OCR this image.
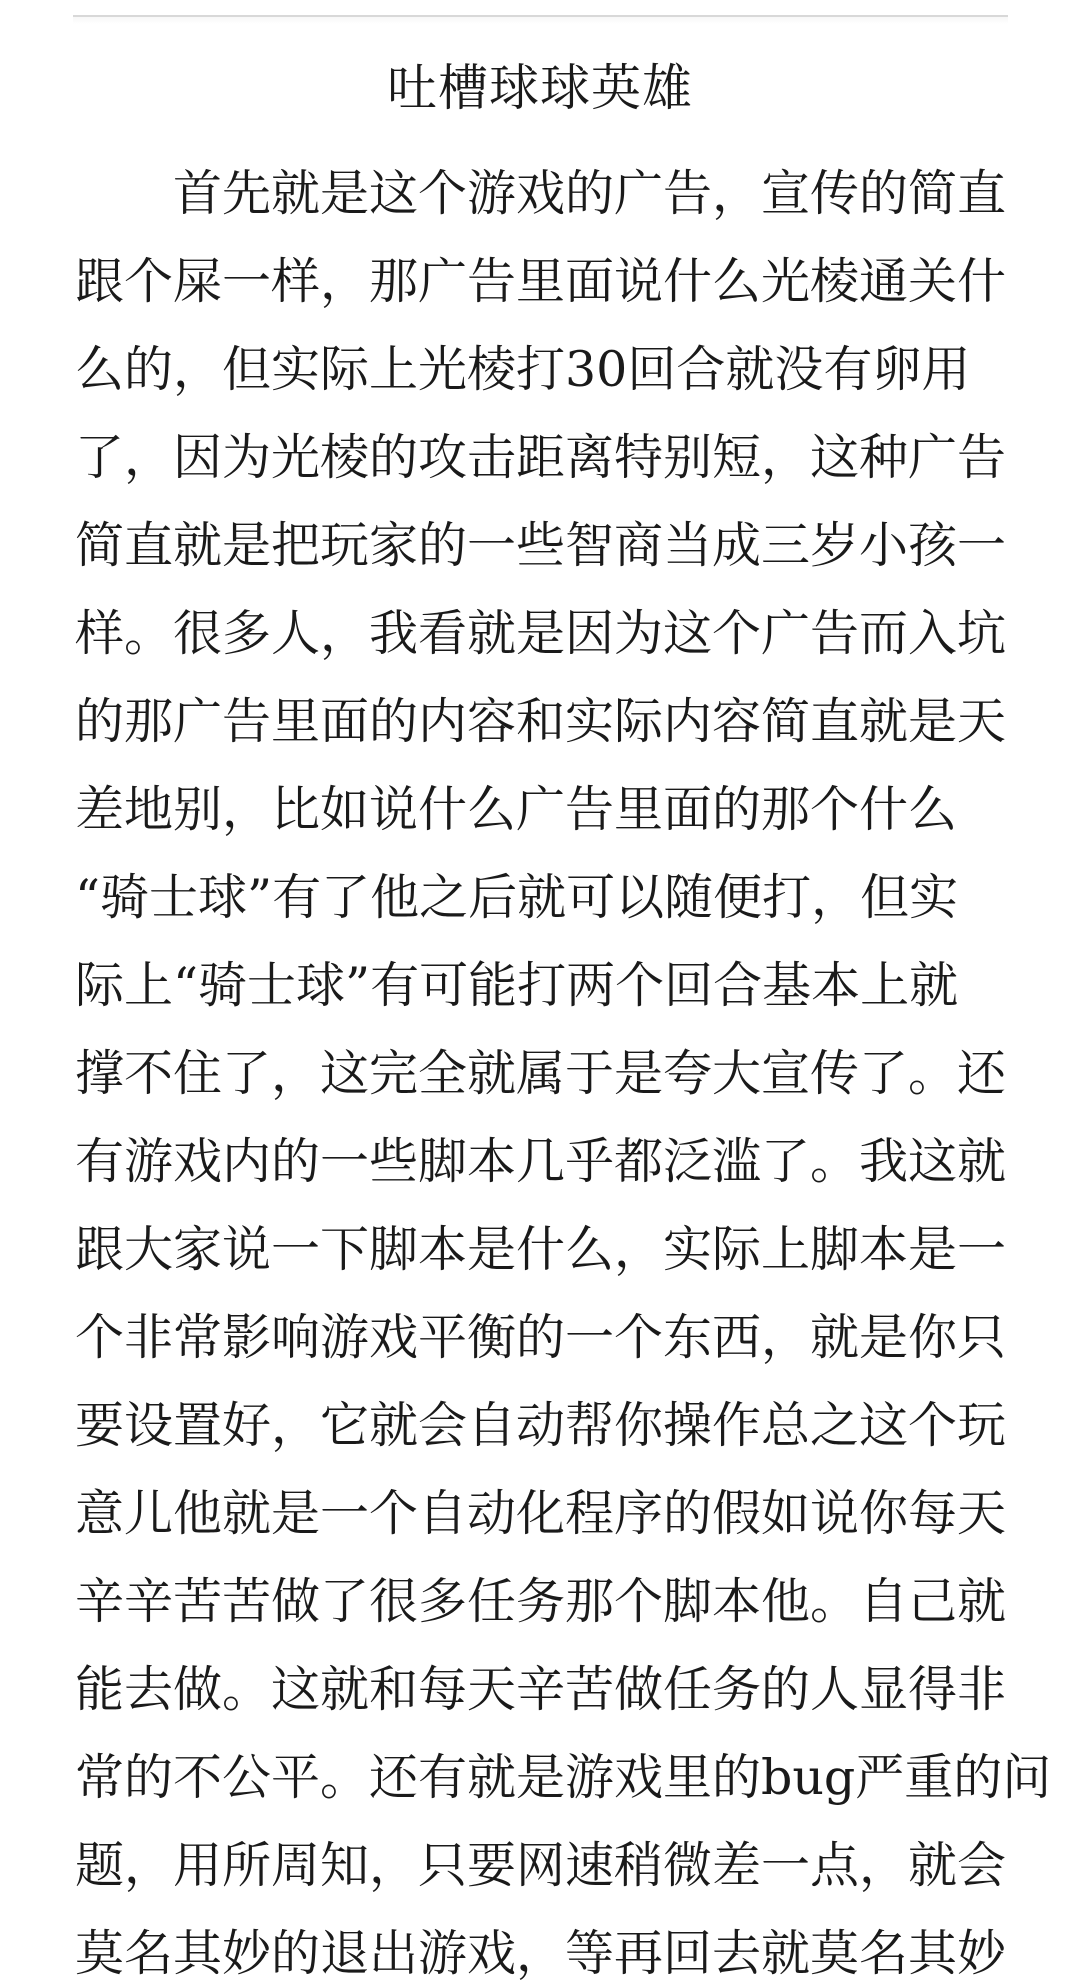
吐槽球球英雄
首先就是这个游戏的广告，宣传的简直
跟个屎一样，那广告里面说什么光棱通关什
么的，但实际上光棱打30回合就没有卵用
了，因为光棱的攻击距离特别短，这种广告
简直就是把玩家的一些智商当成三岁小孩一
样。很多人，我看就是因为这个广告而入坑
的那广告里面的内容和实际内容简直就是天
差地别，比如说什么广告里面的那个什么
“骑士球”有了他之后就可以随便打，但实
际上“骑士球”有可能打两个回合基本上就
撑不住了，这完全就属于是夸大宣传了。还
有游戏内的一些脚本几乎都泛滥了。我这就
跟大家说一下脚本是什么，实际上脚本是一
个非常影响游戏平衡的一个东西，就是你只
要设置好，它就会自动帮你操作总之这个玩
意儿他就是一个自动化程序的假如说你每天
辛辛苦苦做了很多任务那个脚本他。自己就
能去做。这就和每天辛苦做任务的人显得非
常的不公平。还有就是游戏里的bug严重的问
题，用所周知，只要网速稍微差一点，就会
莫名其妙的退出游戏，等再回去就莫名其妙
